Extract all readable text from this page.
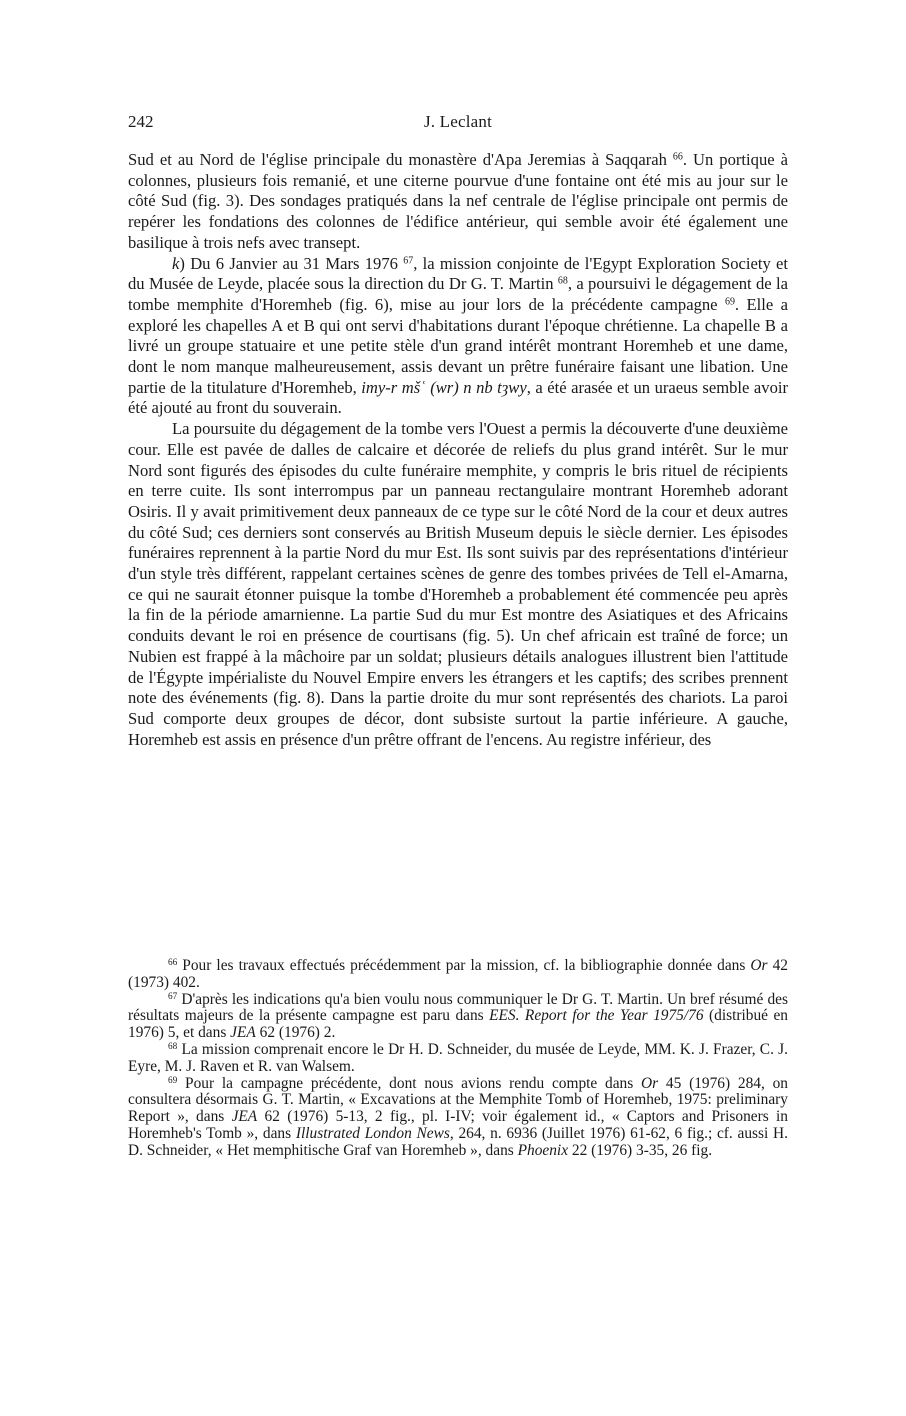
242	J. Leclant

Sud et au Nord de l'église principale du monastère d'Apa Jeremias à Saqqarah $^{66}$. Un portique à colonnes, plusieurs fois remanié, et une citerne pourvue d'une fontaine ont été mis au jour sur le côté Sud (fig. 3). Des sondages pratiqués dans la nef centrale de l'église principale ont permis de repérer les fondations des colonnes de l'édifice antérieur, qui semble avoir été également une basilique à trois nefs avec transept.

k) Du 6 Janvier au 31 Mars 1976 $^{67}$, la mission conjointe de l'Egypt Exploration Society et du Musée de Leyde, placée sous la direction du Dr G. T. Martin $^{68}$, a poursuivi le dégagement de la tombe memphite d'Horemheb (fig. 6), mise au jour lors de la précédente campagne $^{69}$. Elle a exploré les chapelles A et B qui ont servi d'habitations durant l'époque chrétienne. La chapelle B a livré un groupe statuaire et une petite stèle d'un grand intérêt montrant Horemheb et une dame, dont le nom manque malheureusement, assis devant un prêtre funéraire faisant une libation. Une partie de la titulature d'Horemheb, imy-r mšʿ (wr) n nb tȝwy, a été arasée et un uraeus semble avoir été ajouté au front du souverain.

La poursuite du dégagement de la tombe vers l'Ouest a permis la découverte d'une deuxième cour. Elle est pavée de dalles de calcaire et décorée de reliefs du plus grand intérêt. Sur le mur Nord sont figurés des épisodes du culte funéraire memphite, y compris le bris rituel de récipients en terre cuite. Ils sont interrompus par un panneau rectangulaire montrant Horemheb adorant Osiris. Il y avait primitivement deux panneaux de ce type sur le côté Nord de la cour et deux autres du côté Sud; ces derniers sont conservés au British Museum depuis le siècle dernier. Les épisodes funéraires reprennent à la partie Nord du mur Est. Ils sont suivis par des représentations d'intérieur d'un style très différent, rappelant certaines scènes de genre des tombes privées de Tell el-Amarna, ce qui ne saurait étonner puisque la tombe d'Horemheb a probablement été commencée peu après la fin de la période amarnienne. La partie Sud du mur Est montre des Asiatiques et des Africains conduits devant le roi en présence de courtisans (fig. 5). Un chef africain est traîné de force; un Nubien est frappé à la mâchoire par un soldat; plusieurs détails analogues illustrent bien l'attitude de l'Égypte impérialiste du Nouvel Empire envers les étrangers et les captifs; des scribes prennent note des événements (fig. 8). Dans la partie droite du mur sont représentés des chariots. La paroi Sud comporte deux groupes de décor, dont subsiste surtout la partie inférieure. A gauche, Horemheb est assis en présence d'un prêtre offrant de l'encens. Au registre inférieur, des

$^{66}$ Pour les travaux effectués précédemment par la mission, cf. la bibliographie donnée dans Or 42 (1973) 402.

$^{67}$ D'après les indications qu'a bien voulu nous communiquer le Dr G. T. Martin. Un bref résumé des résultats majeurs de la présente campagne est paru dans EES. Report for the Year 1975/76 (distribué en 1976) 5, et dans JEA 62 (1976) 2.

$^{68}$ La mission comprenait encore le Dr H. D. Schneider, du musée de Leyde, MM. K. J. Frazer, C. J. Eyre, M. J. Raven et R. van Walsem.

$^{69}$ Pour la campagne précédente, dont nous avions rendu compte dans Or 45 (1976) 284, on consultera désormais G. T. Martin, « Excavations at the Memphite Tomb of Horemheb, 1975: preliminary Report », dans JEA 62 (1976) 5-13, 2 fig., pl. I-IV; voir également id., « Captors and Prisoners in Horemheb's Tomb », dans Illustrated London News, 264, n. 6936 (Juillet 1976) 61-62, 6 fig.; cf. aussi H. D. Schneider, « Het memphitische Graf van Horemheb », dans Phoenix 22 (1976) 3-35, 26 fig.
